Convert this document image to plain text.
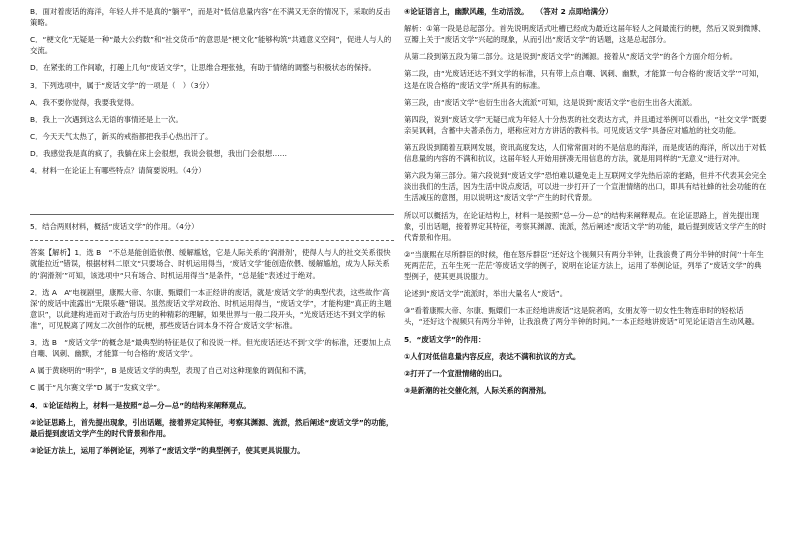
B．面对着废话的海洋，年轻人并不是真的“躺平”，而是对“低信息量内容”在不满又无奈的情况下，采取的反击策略。

C．“梗文化”无疑是一种“最大公约数”和“社交货币”的意思是“梗文化”能够构筑“共通意义空间”，促进人与人的交流。

D．在紧张的工作间歇，打趣上几句“废话文学”，让思维合理张弛，有助于情绪的调整与积极状态的保持。

3．下列选项中，属于“废话文学”的一项是（　）（3分）

A．我不要你觉得，我要我觉得。

B．我上一次遇到这么无语的事情还是上一次。

C．今天天气太热了，新买的戒指都把我手心热出汗了。

D．我感觉我是真的疯了，我躺在床上会很想，我说会很想，我出门会很想……

4．材料一在论证上有哪些特点？请简要说明。（4分）

5．结合两则材料，概括“废话文学”的作用。（4分）

答案【解析】1．选 B　“不总是能创造依偎、缓解尴尬，它是人际关系的‘润滑剂’，使得人与人的社交关系很快就能拉近”错误，根据材料二原文“只要场合、时机运用得当，‘废话文学’能创造依偎、缓解尴尬，成为人际关系的‘润滑剂’”可知，该选项中“只有场合、时机运用得当”是条件，“总是能”表述过于绝对。

2．选 A　A“电视剧里，康熙大帝、尔康、甄嬛们一本正经讲的废话，就是‘废话文学’的典型代表，这些故作‘高深’的废话中流露出“无限乐趣”错误。虽然废话文学对政治、时机运用得当，“废话文学”，才能构建“真正的主题意识”，以此建构进而对于政治与历史的种精彩的理解，如果世界与一般二段开头，“光废话还达不到文学的标准”，可见脱离了网友二次创作的玩梗，那些废话台词本身不符合‘废话文学’标准。

3．选 B　“废话文学”的概念是“最典型的特征是仅了和没说一样。但光废话还达不到‘文学’的标准，还要加上点自嘲、讽刺、幽默，才能算一句合格的‘废话文学’。

A 属于黄晓明的“明学”，B 是废话文学的典型，表现了自己对这种现象的调侃和不满，

C 属于“凡尔赛文学”D 属于“发疯文学”。

4．①论证结构上，材料一是按照“总—分—总”的结构来阐释观点。

②论证思路上，首先提出现象，引出话题，接着界定其特征，考察其渊源、流派，然后阐述“废话文学”的功能，最后提到废话文学产生的时代背景和作用。

③论证方法上，运用了举例论证，列举了“废话文学”的典型例子，使其更具说服力。

④论证语言上，幽默风趣，生动活泼。　　（答对 2 点即给满分）

解析：①第一段是总起部分。首先说明废话式吐槽已经成为最近这届年轻人之间最流行的梗，然后又说到微博、豆瓣上关于“废话文学”兴起的现象，从而引出“废话文学”的话题，这是总起部分。

从第二段到第五段为第二部分。这是说到“废话文学”的渊源。接着从“废话文学”的各个方面介绍分析。

第二段，由“光废话还达不到文学的标准，只有带上点自嘲、讽刺、幽默，才能算一句合格的‘废话文学’”可知，这是在说合格的“废话文学”所具有的标准。

第三段，由“废话文学”也衍生出各大流派”可知，这是说到“废话文学”也衍生出各大流派。

第四段，说到“废话文学”无疑已成为年轻人十分热衷的社交表达方式，并且通过举例可以看出，“社交文学”既要亲吴讽刺，含蓄中夫著杀伤力，堪称应对方方讲话的教科书。可见废话文学”具备应对尴尬的社交功能。

第五段说到随着互联网发展，资讯高度发达，人们常常面对的不是信息的海洋，而是废话的海洋，所以出于对低信息量的内容的不满和抗议，这届年轻人开始用拼凑无用信息的方法，就是用同样的“无意义”进行对冲。

第六段为第三部分。第六段说到“废话文学”恐怕难以避免走上互联网文学先热后凉的老路，但并不代表其会完全淡出我们的生活，因为生活中说点废话，可以进一步打开了一个宣泄情绪的出口，即具有结社蜂的社会功能的在生活减压的意图，用以说明这“废话文学”产生的时代背景。

所以可以概括为，在论证结构上，材料一是按照“总—分—总”的结构来阐释观点。在论证思路上，首先提出现象，引出话题，接着界定其特征，考察其渊源、流派，然后阐述“废话文学”的功能，最后提到废话文学产生的时代背景和作用。

②“当康熙在尽所群臣的时候，他在怒斥群臣‘’还好这个视频只有两分半钟，让我浪费了两分半钟的时间’‘十年生死两茫茫，五年生死一茫茫’等废话文学的例子，说明在论证方法上，运用了举例论证，列举了“废话文学”的典型例子，使其更具说服力。

论述到“废话文学”流派时，举出大量名人“废话”。

③“看着康熙大帝、尔康、甄嬛们一本正经地讲废话”这是院者呜，女朋友等一切女性生物连串时的轻松话头，“还好这个视频只有两分半钟，让我浪费了两分半钟的时间。”一本正经地讲废话”可见论证语言生动风趣。

5．“废话文学”的作用：

①人们对低信息量内容反应，表达不满和抗议的方式。

②打开了一个宣泄情绪的出口。

③是新潮的社交催化剂，人际关系的润滑剂。
